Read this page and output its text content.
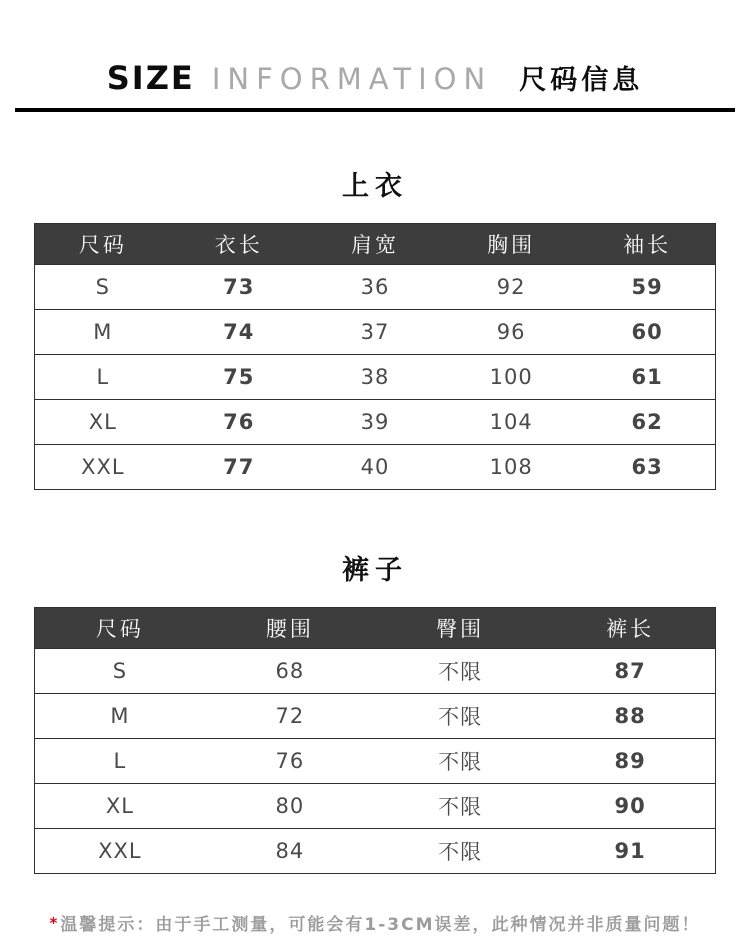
SIZE INFORMATION 尺码信息
上衣
尺码	衣长	肩宽	胸围	袖长
S	73	36	92	59
M	74	37	96	60
L	75	38	100	61
XL	76	39	104	62
XXL	77	40	108	63
裤子
尺码	腰围	臀围	裤长
S	68	不限	87
M	72	不限	88
L	76	不限	89
XL	80	不限	90
XXL	84	不限	91

*温馨提示：由于手工测量，可能会有1-3CM误差，此种情况并非质量问题！
